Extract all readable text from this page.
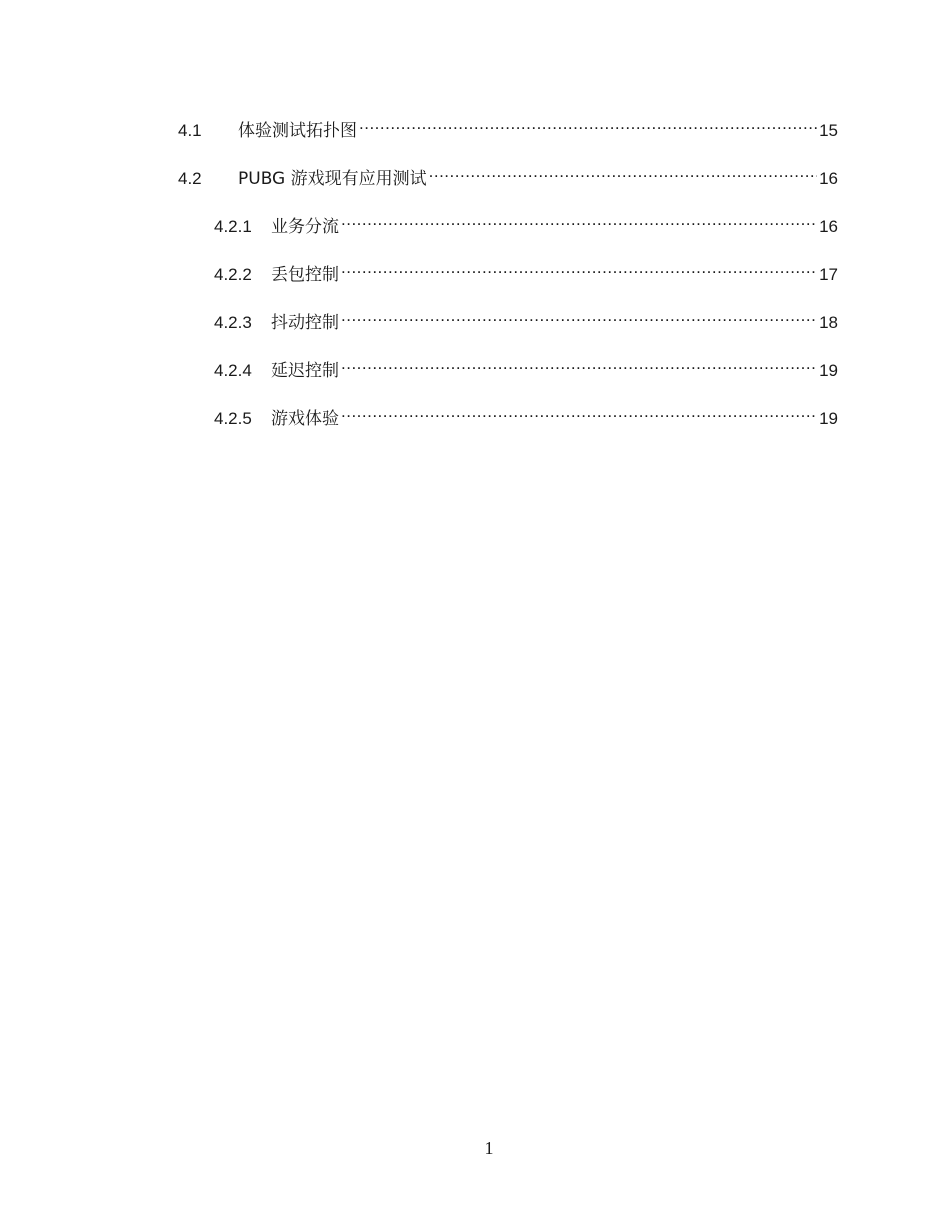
4.1	体验测试拓扑图 .....	15
4.2	PUBG 游戏现有应用测试 .....	16
4.2.1	业务分流 .....	16
4.2.2	丢包控制 .....	17
4.2.3	抖动控制 .....	18
4.2.4	延迟控制 .....	19
4.2.5	游戏体验 .....	19
1
